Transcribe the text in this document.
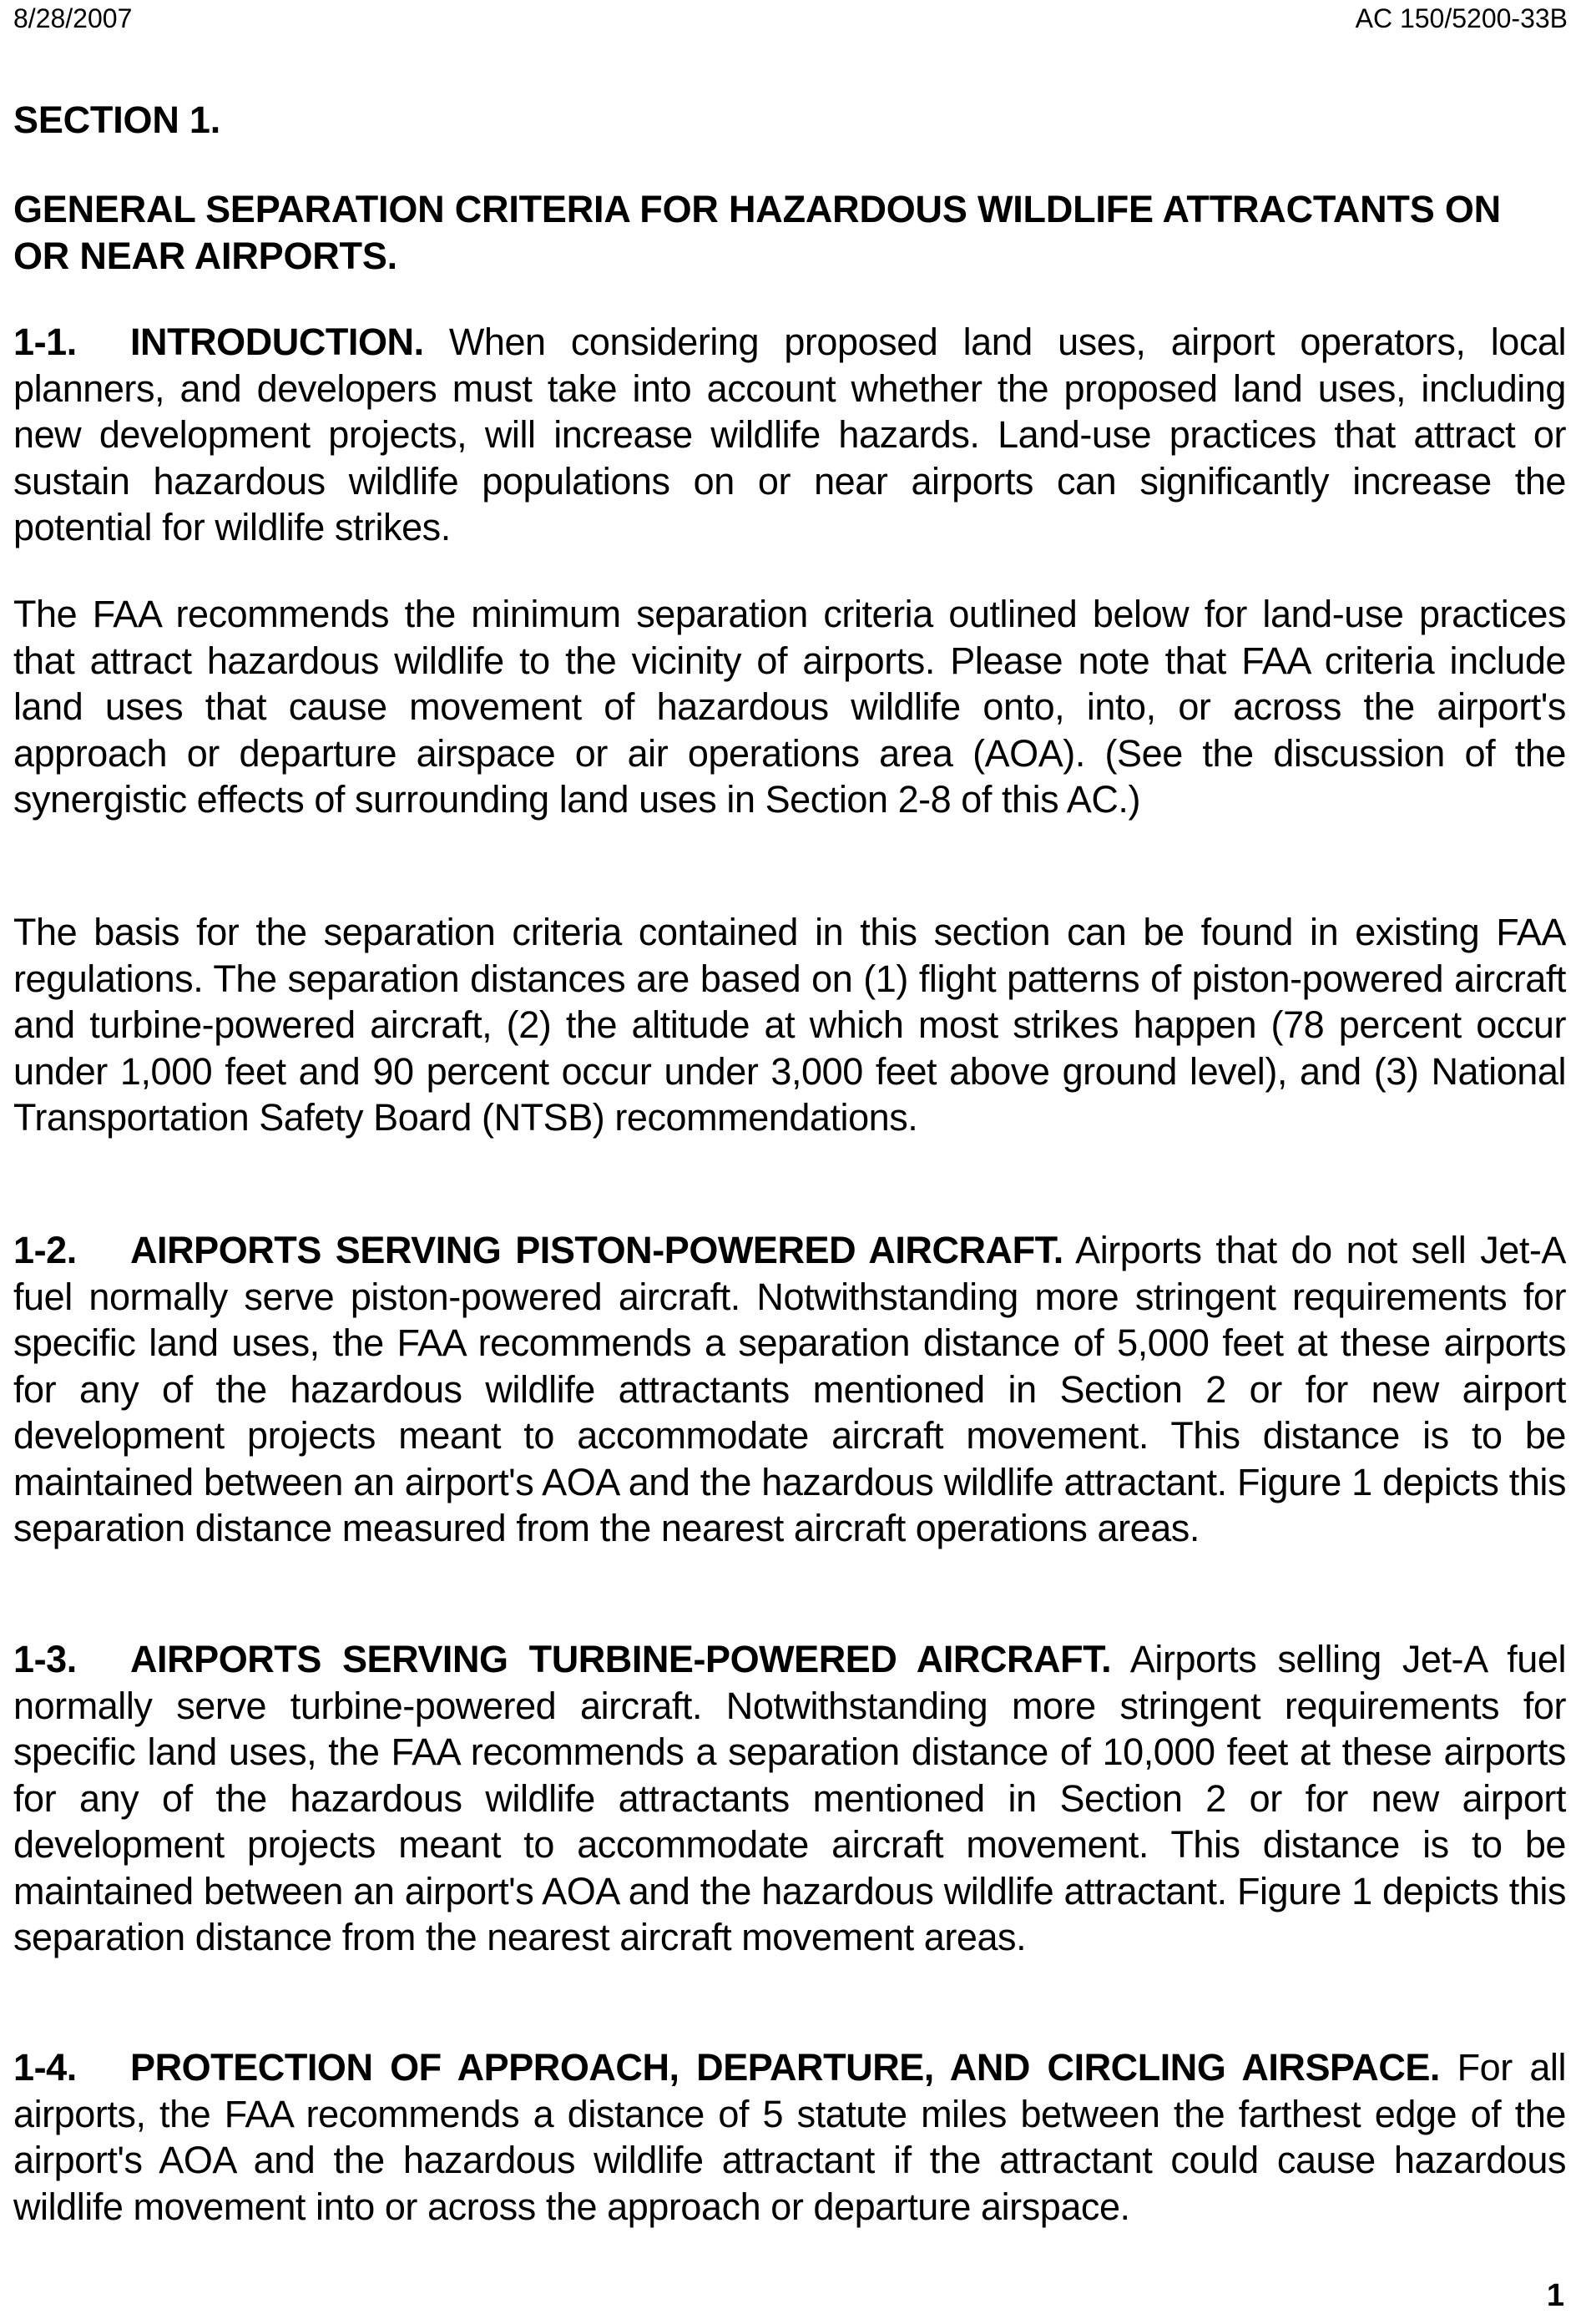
8/28/2007	AC 150/5200-33B

SECTION 1.

GENERAL SEPARATION CRITERIA FOR HAZARDOUS WILDLIFE ATTRACTANTS ON OR NEAR AIRPORTS.

1-1. INTRODUCTION. When considering proposed land uses, airport operators, local planners, and developers must take into account whether the proposed land uses, including new development projects, will increase wildlife hazards. Land-use practices that attract or sustain hazardous wildlife populations on or near airports can significantly increase the potential for wildlife strikes.

The FAA recommends the minimum separation criteria outlined below for land-use practices that attract hazardous wildlife to the vicinity of airports. Please note that FAA criteria include land uses that cause movement of hazardous wildlife onto, into, or across the airport's approach or departure airspace or air operations area (AOA). (See the discussion of the synergistic effects of surrounding land uses in Section 2-8 of this AC.)

The basis for the separation criteria contained in this section can be found in existing FAA regulations. The separation distances are based on (1) flight patterns of piston-powered aircraft and turbine-powered aircraft, (2) the altitude at which most strikes happen (78 percent occur under 1,000 feet and 90 percent occur under 3,000 feet above ground level), and (3) National Transportation Safety Board (NTSB) recommendations.

1-2. AIRPORTS SERVING PISTON-POWERED AIRCRAFT. Airports that do not sell Jet-A fuel normally serve piston-powered aircraft. Notwithstanding more stringent requirements for specific land uses, the FAA recommends a separation distance of 5,000 feet at these airports for any of the hazardous wildlife attractants mentioned in Section 2 or for new airport development projects meant to accommodate aircraft movement. This distance is to be maintained between an airport's AOA and the hazardous wildlife attractant. Figure 1 depicts this separation distance measured from the nearest aircraft operations areas.

1-3. AIRPORTS SERVING TURBINE-POWERED AIRCRAFT. Airports selling Jet-A fuel normally serve turbine-powered aircraft. Notwithstanding more stringent requirements for specific land uses, the FAA recommends a separation distance of 10,000 feet at these airports for any of the hazardous wildlife attractants mentioned in Section 2 or for new airport development projects meant to accommodate aircraft movement. This distance is to be maintained between an airport's AOA and the hazardous wildlife attractant. Figure 1 depicts this separation distance from the nearest aircraft movement areas.

1-4. PROTECTION OF APPROACH, DEPARTURE, AND CIRCLING AIRSPACE. For all airports, the FAA recommends a distance of 5 statute miles between the farthest edge of the airport's AOA and the hazardous wildlife attractant if the attractant could cause hazardous wildlife movement into or across the approach or departure airspace.

1
